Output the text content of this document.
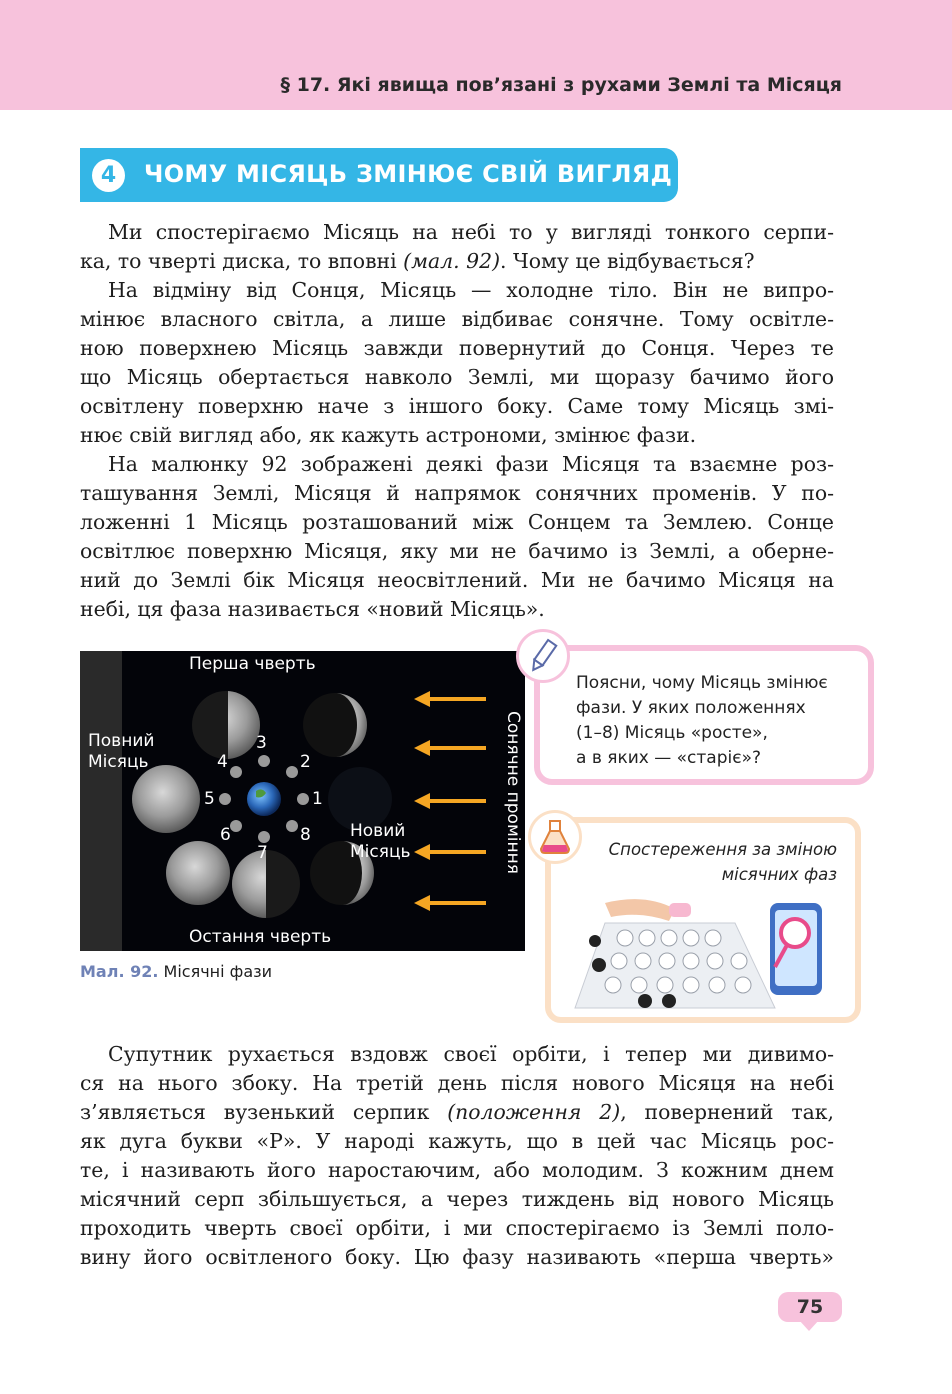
§ 17. Які явища пов’язані з рухами Землі та Місяця
4	ЧОМУ МІСЯЦЬ ЗМІНЮЄ СВІЙ ВИГЛЯД
Ми спостерігаємо Місяць на небі то у вигляді тонкого серпи-
ка, то чверті диска, то вповні (мал. 92). Чому це відбувається?
На відміну від Сонця, Місяць — холодне тіло. Він не випро-
мінює власного світла, а лише відбиває сонячне. Тому освітле-
ною поверхнею Місяць завжди повернутий до Сонця. Через те
що Місяць обертається навколо Землі, ми щоразу бачимо його
освітлену поверхню наче з іншого боку. Саме тому Місяць змі-
нює свій вигляд або, як кажуть астрономи, змінює фази.
На малюнку 92 зображені деякі фази Місяця та взаємне роз-
ташування Землі, Місяця й напрямок сонячних променів. У по-
ложенні 1 Місяць розташований між Сонцем та Землею. Сонце
освітлює поверхню Місяця, яку ми не бачимо із Землі, а оберне-
ний до Землі бік Місяця неосвітлений. Ми не бачимо Місяця на
небі, ця фаза називається «новий Місяць».
Перша чверть
Повний
Місяць
Новий
Місяць
Остання чверть
Сонячне проміння
1
2
3
4
5
6
7
8
Мал. 92. Місячні фази
Поясни, чому Місяць змінює
фази. У яких положеннях
(1–8) Місяць «росте»,
а в яких — «старіє»?
Спостереження за зміною
місячних фаз
Супутник рухається вздовж своєї орбіти, і тепер ми дивимо-
ся на нього збоку. На третій день після нового Місяця на небі
з’являється вузенький серпик (положення 2), повернений так,
як дуга букви «Р». У народі кажуть, що в цей час Місяць рос-
те, і називають його наростаючим, або молодим. З кожним днем
місячний серп збільшується, а через тиждень від нового Місяць
проходить чверть своєї орбіти, і ми спостерігаємо із Землі поло-
вину його освітленого боку. Цю фазу називають «перша чверть»
75
